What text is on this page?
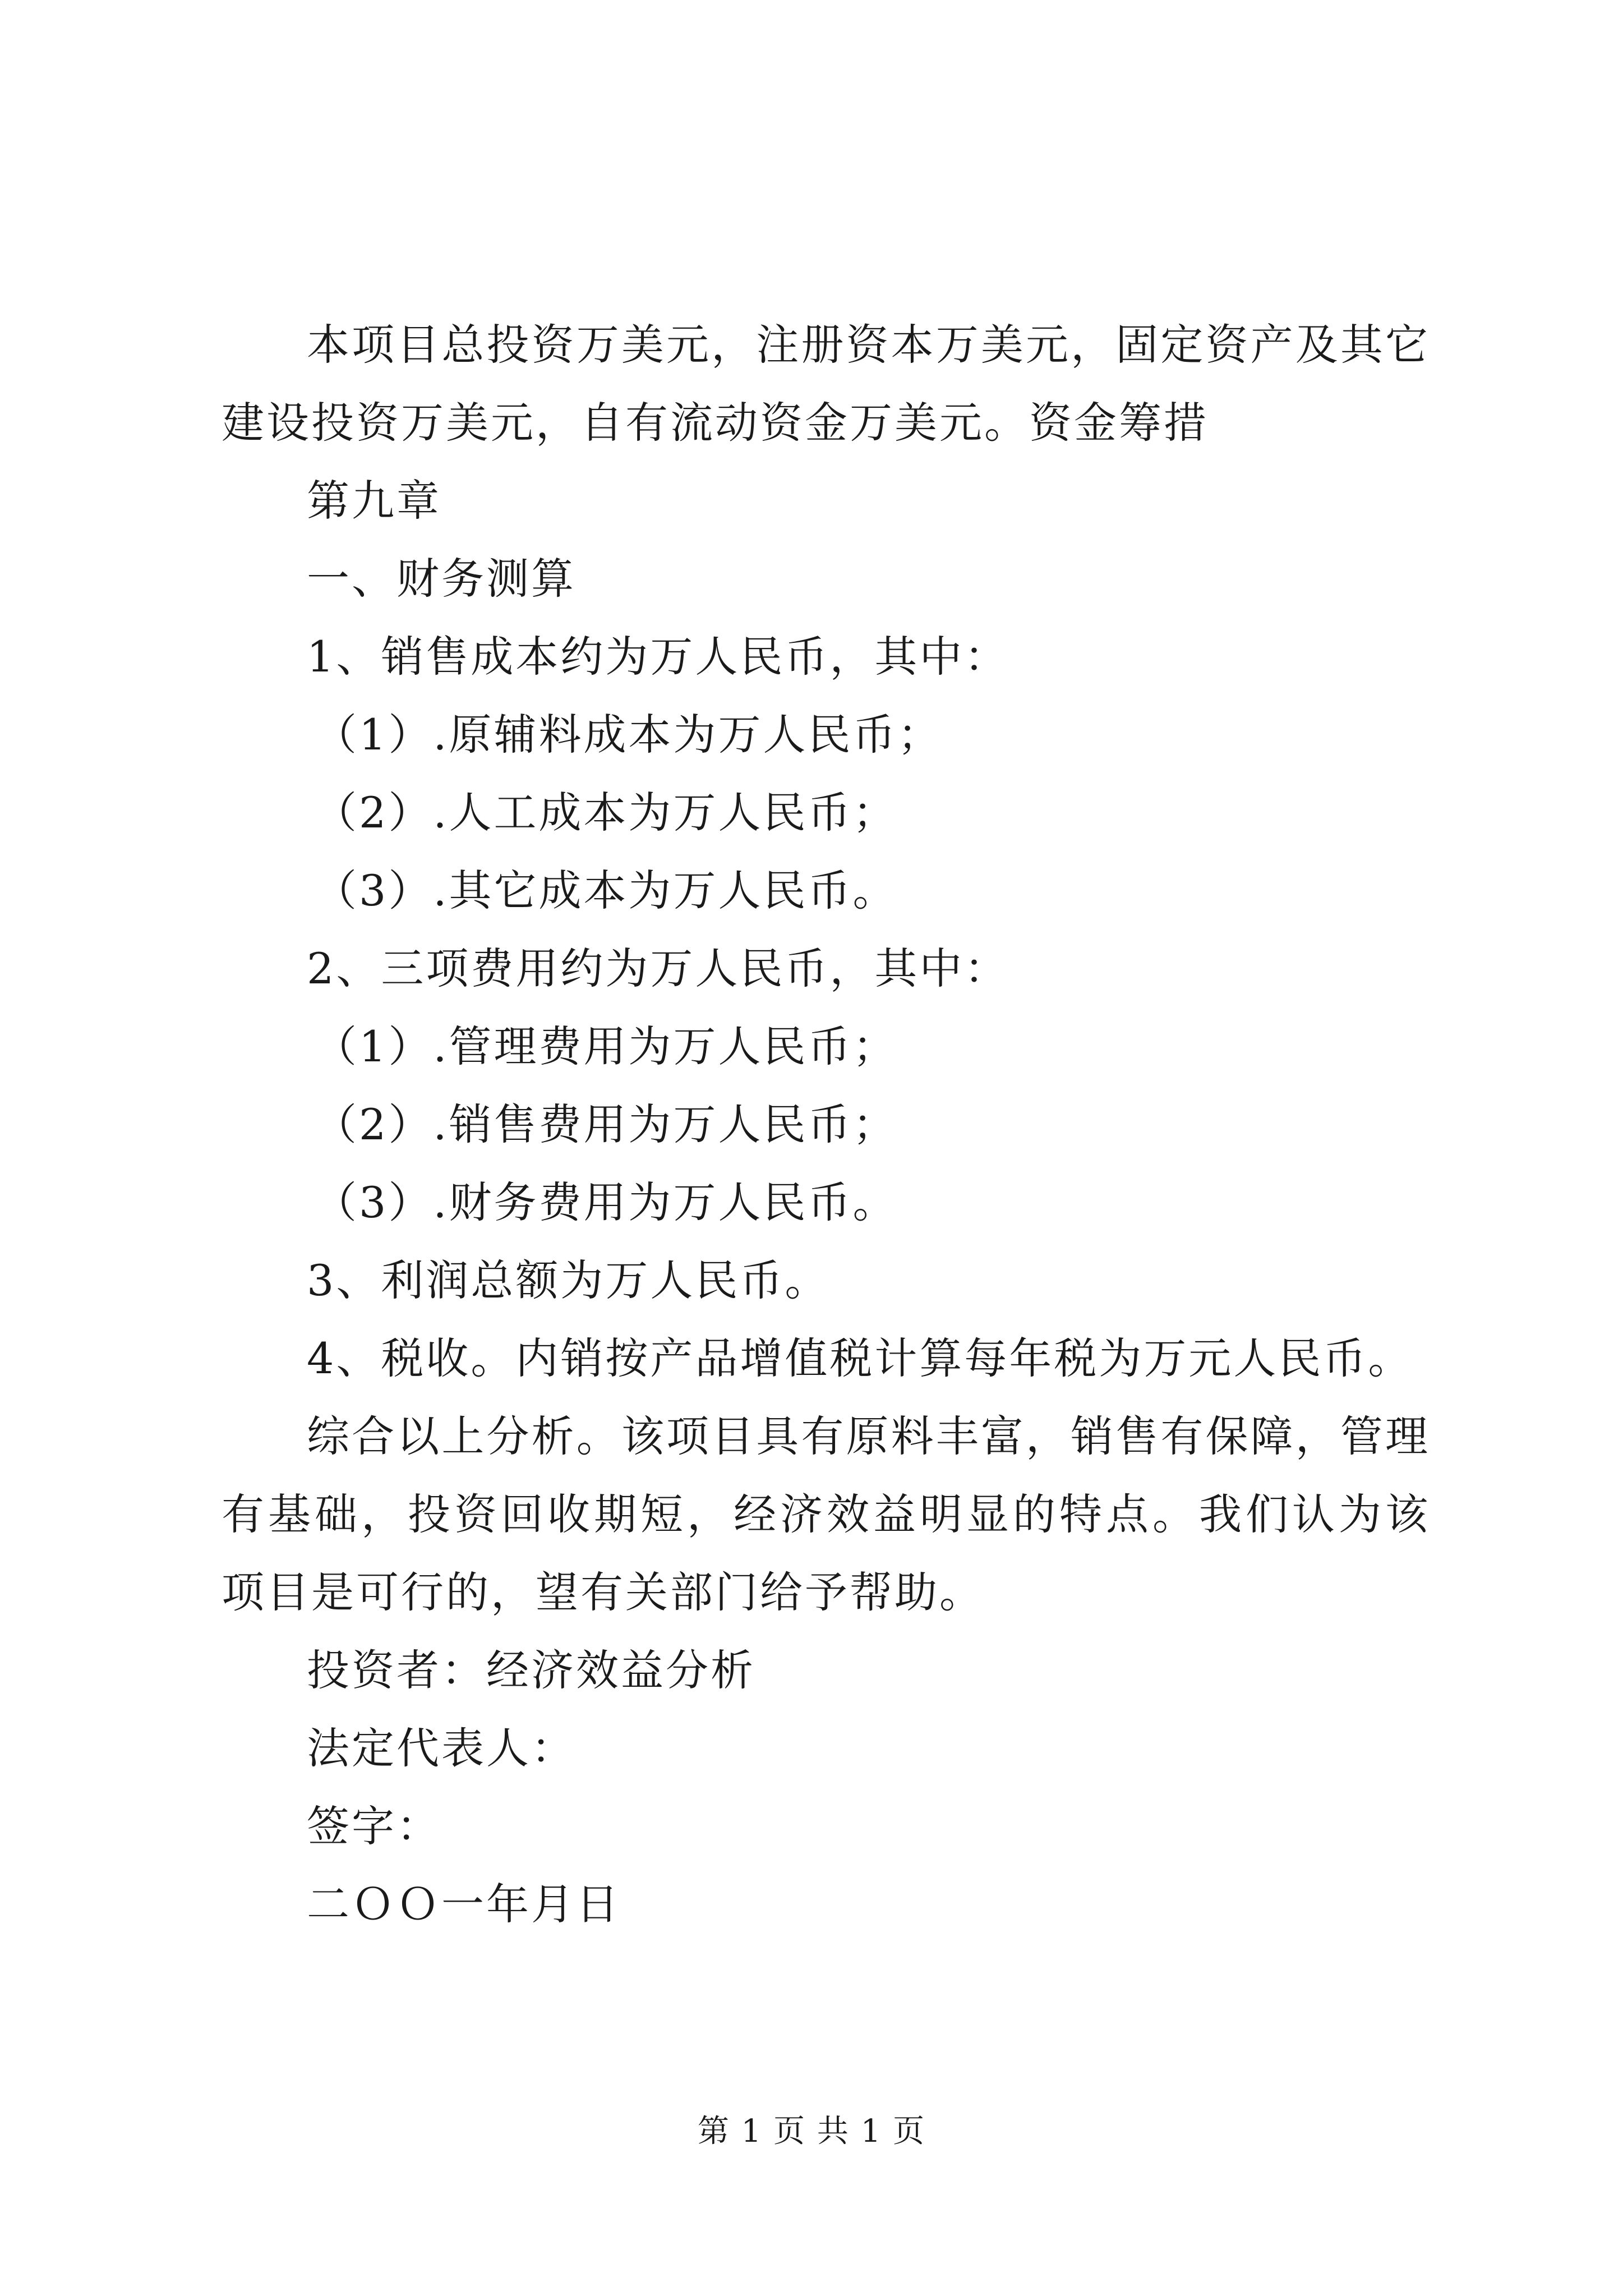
本项目总投资万美元，注册资本万美元，固定资产及其它建设投资万美元，自有流动资金万美元。资金筹措

第九章

一、财务测算

1、销售成本约为万人民币，其中：

（1）.原辅料成本为万人民币；

（2）.人工成本为万人民币；

（3）.其它成本为万人民币。

2、三项费用约为万人民币，其中：

（1）.管理费用为万人民币；

（2）.销售费用为万人民币；

（3）.财务费用为万人民币。

3、利润总额为万人民币。

4、税收。内销按产品增值税计算每年税为万元人民币。

综合以上分析。该项目具有原料丰富，销售有保障，管理有基础，投资回收期短，经济效益明显的特点。我们认为该项目是可行的，望有关部门给予帮助。

投资者：经济效益分析

法定代表人：

签字：

二ＯＯ一年月日

第 1 页 共 1 页
